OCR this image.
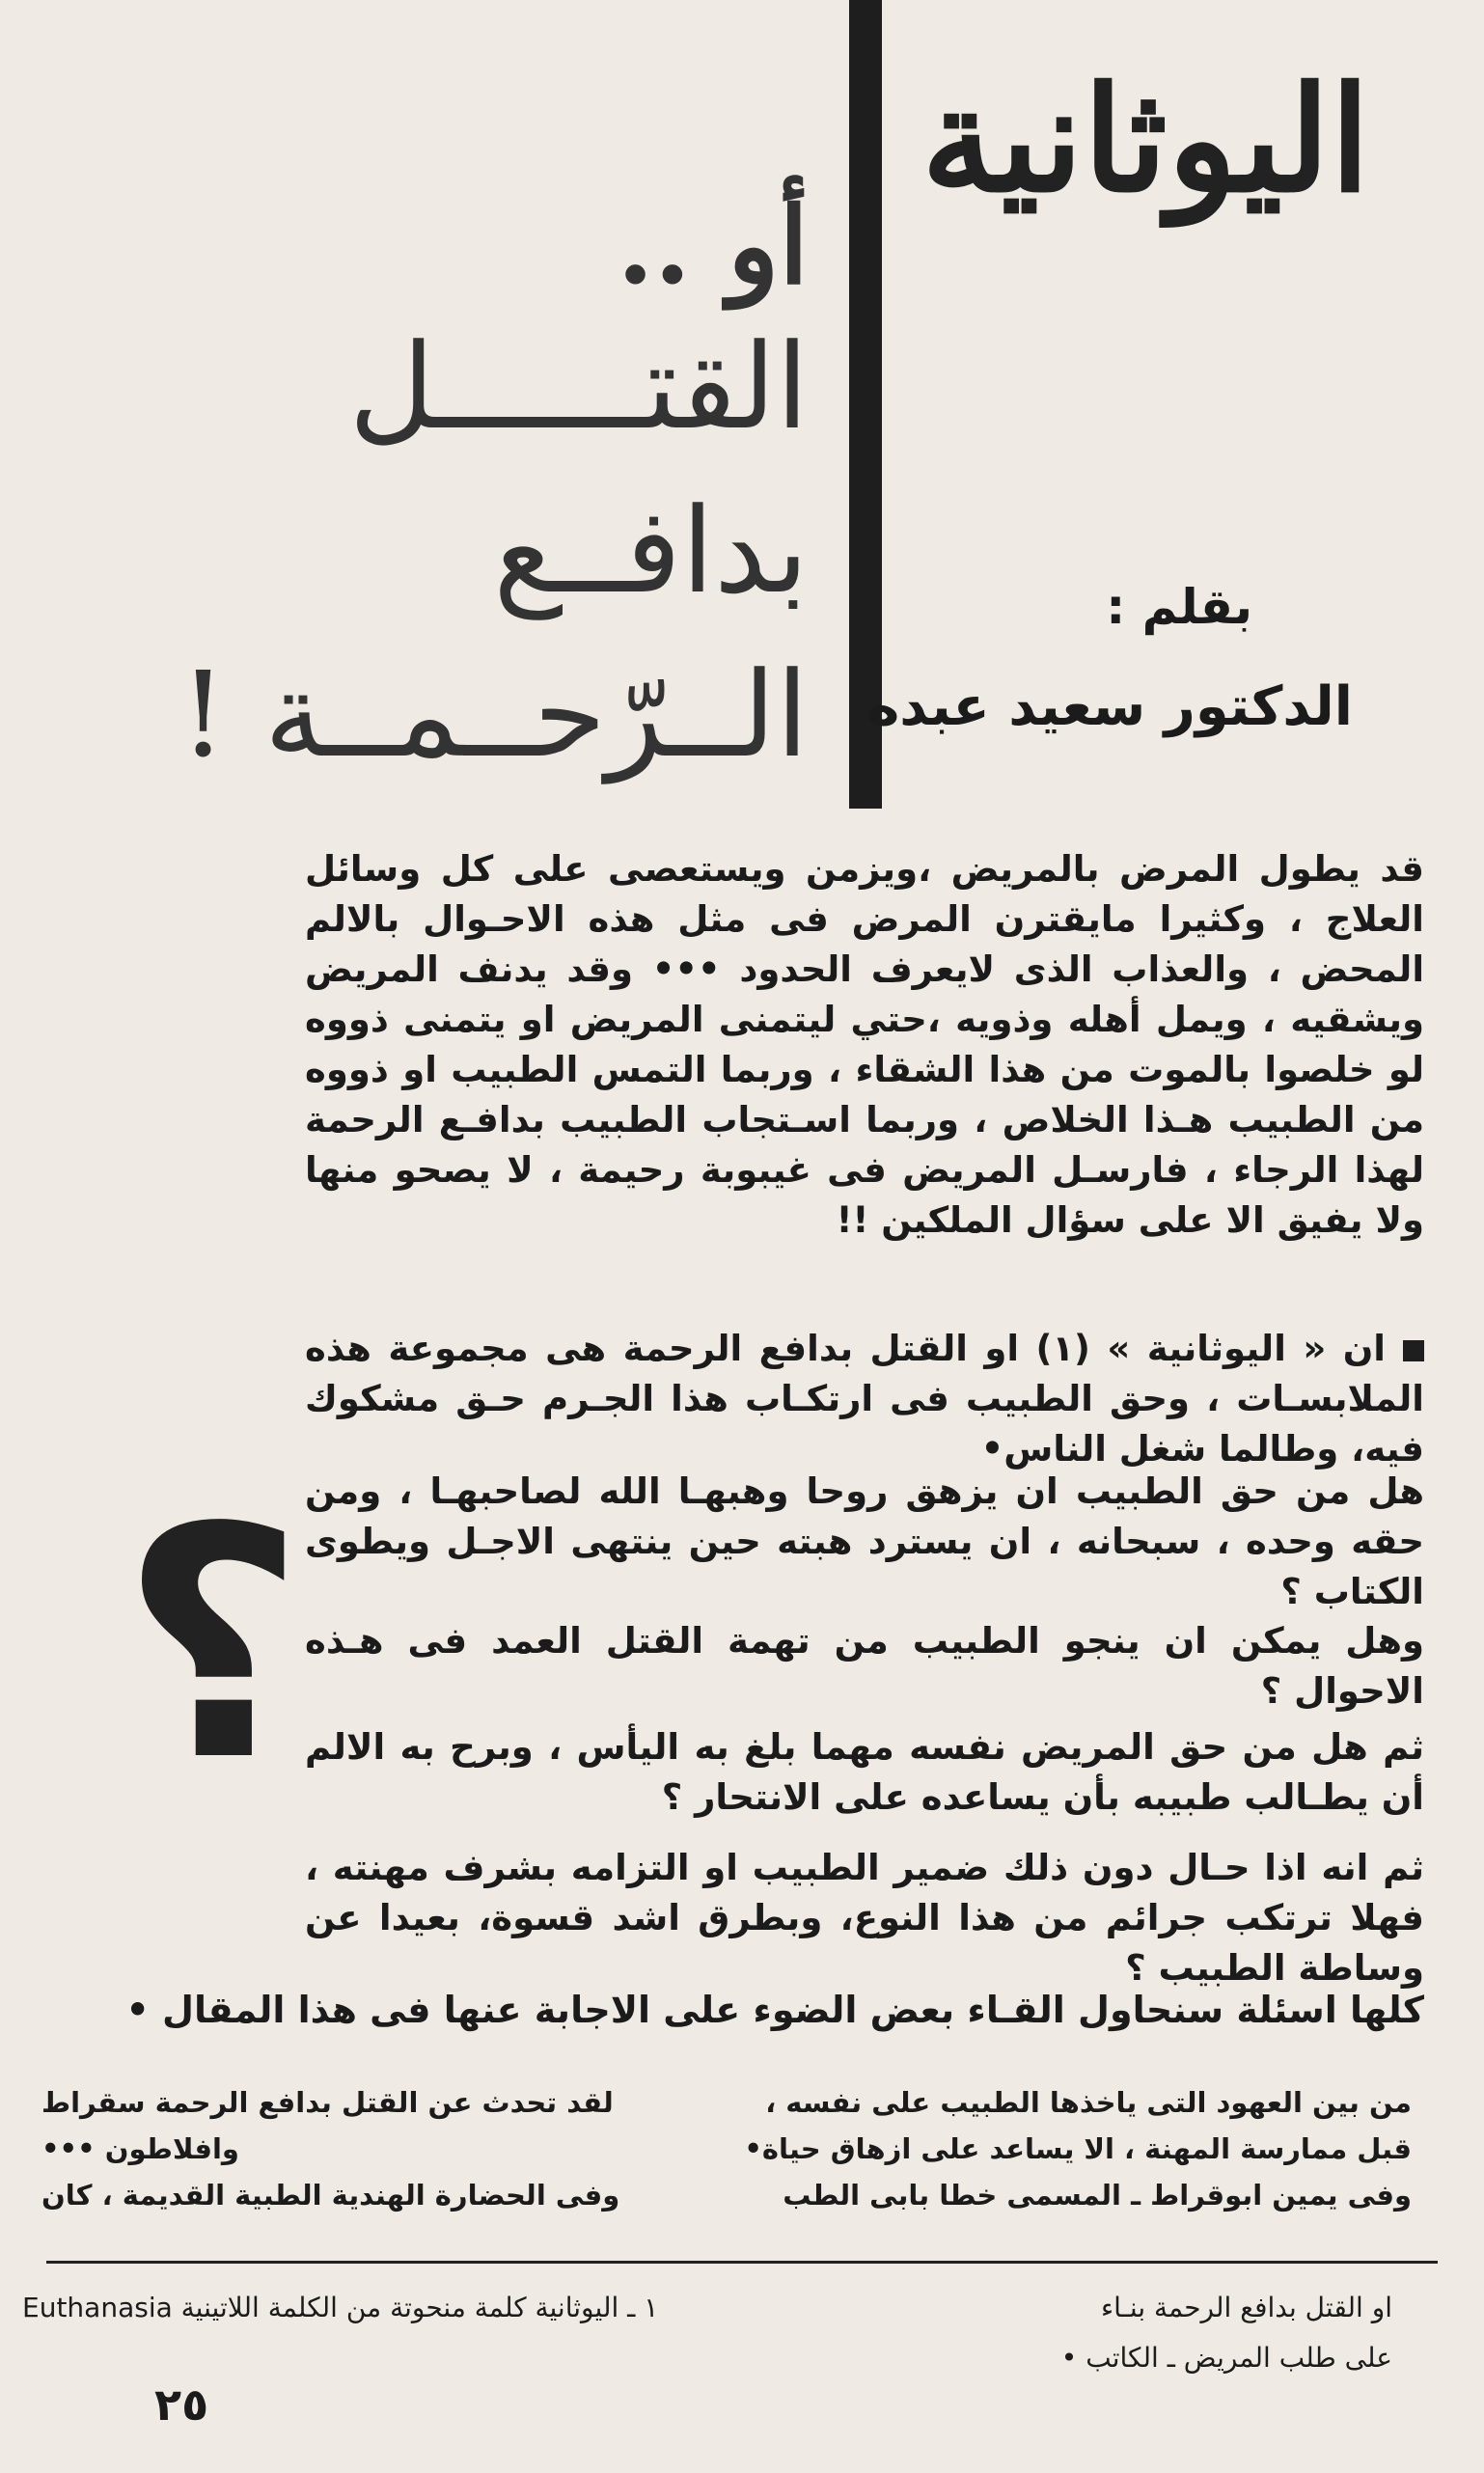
اليوثانية
أو ..
القتــــــل
بدافــع
الــرّحــمــة !
بقلم :
الدكتور سعيد عبده
قد يطول المرض بالمريض ،ويزمن ويستعصى على كل وسائل العلاج ، وكثيرا مايقترن المرض فى مثل هذه الاحـوال بالالم المحض ، والعذاب الذى لايعرف الحدود ••• وقد يدنف المريض ويشقيه ، ويمل أهله وذويه ،حتي ليتمنى المريض او يتمنى ذووه لو خلصوا بالموت من هذا الشقاء ، وربما التمس الطبيب او ذووه من الطبيب هـذا الخلاص ، وربما اسـتجاب الطبيب بدافـع الرحمة لهذا الرجاء ، فارسـل المريض فى غيبوبة رحيمة ، لا يصحو منها ولا يفيق الا على سؤال الملكين !!
ان « اليوثانية » (١) او القتل بدافع الرحمة هى مجموعة هذه الملابسـات ، وحق الطبيب فى ارتكـاب هذا الجـرم حـق مشكوك فيه، وطالما شغل الناس•
هل من حق الطبيب ان يزهق روحا وهبهـا الله لصاحبهـا ، ومن حقه وحده ، سبحانه ، ان يسترد هبته حين ينتهى الاجـل ويطوى الكتاب ؟
وهل يمكن ان ينجو الطبيب من تهمة القتل العمد فى هـذه الاحوال ؟
ثم هل من حق المريض نفسه مهما بلغ به اليأس ، وبرح به الالم أن يطـالب طبيبه بأن يساعده على الانتحار ؟
ثم انه اذا حـال دون ذلك ضمير الطبيب او التزامه بشرف مهنته ، فهلا ترتكب جرائم من هذا النوع، وبطرق اشد قسوة، بعيدا عن وساطة الطبيب ؟
كلها اسئلة سنحاول القـاء بعض الضوء على الاجابة عنها فى هذا المقال •
؟
لقد تحدث عن القتل بدافع الرحمة سقراط	من بين العهود التى ياخذها الطبيب على نفسه ،
وافلاطون •••	قبل ممارسة المهنة ، الا يساعد على ازهاق حياة•
وفى الحضارة الهندية الطبية القديمة ، كان	وفى يمين ابوقراط ـ المسمى خطا بابى الطب
١ ـ اليوثانية كلمة منحوتة من الكلمة اللاتينية Euthanasia	او القتل بدافع الرحمة بنـاء
على طلب المريض ـ الكاتب •
٢٥
